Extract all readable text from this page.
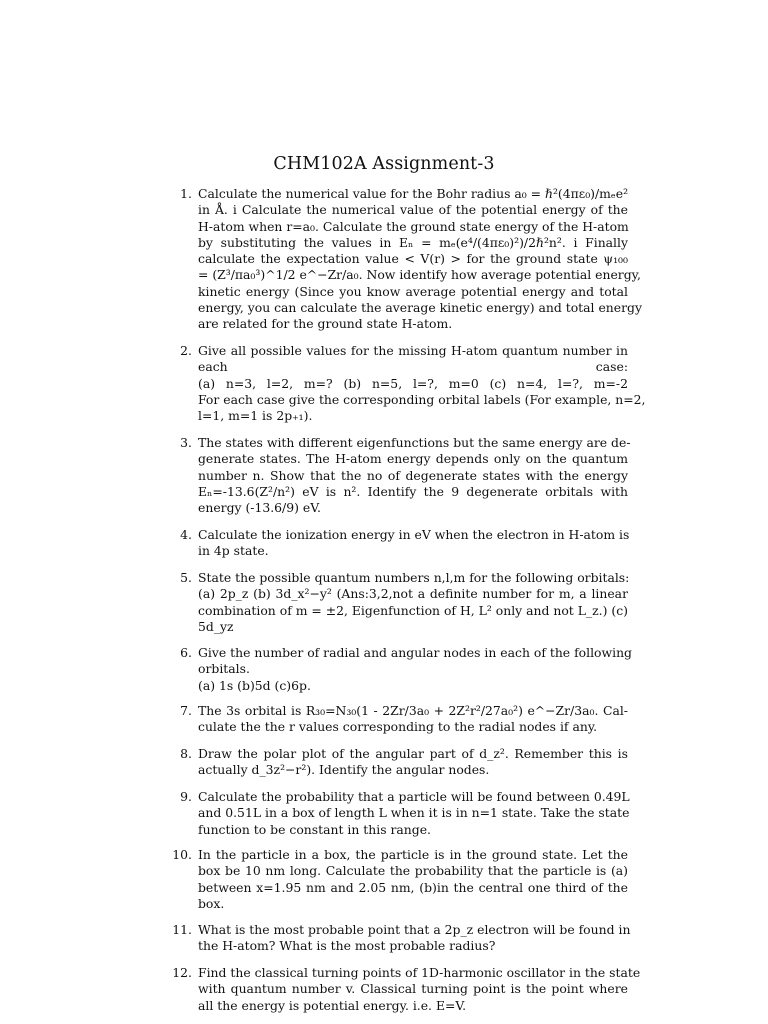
CHM102A Assignment-3
1. Calculate the numerical value for the Bohr radius a₀ = ℏ²(4πε₀)/mₑe²
in Å. i Calculate the numerical value of the potential energy of the
H-atom when r=a₀. Calculate the ground state energy of the H-atom
by substituting the values in Eₙ = mₑ(e⁴/(4πε₀)²)/2ℏ²n². i Finally
calculate the expectation value < V(r) > for the ground state ψ₁₀₀
= (Z³/πa₀³)^1/2 e^−Zr/a₀. Now identify how average potential energy,
kinetic energy (Since you know average potential energy and total
energy, you can calculate the average kinetic energy) and total energy
are related for the ground state H-atom.
2. Give all possible values for the missing H-atom quantum number in
each case:
(a) n=3, l=2, m=? (b) n=5, l=?, m=0 (c) n=4, l=?, m=-2
For each case give the corresponding orbital labels (For example, n=2,
l=1, m=1 is 2p₊₁).
3. The states with different eigenfunctions but the same energy are de-
generate states. The H-atom energy depends only on the quantum
number n. Show that the no of degenerate states with the energy
Eₙ=-13.6(Z²/n²) eV is n². Identify the 9 degenerate orbitals with
energy (-13.6/9) eV.
4. Calculate the ionization energy in eV when the electron in H-atom is
in 4p state.
5. State the possible quantum numbers n,l,m for the following orbitals:
(a) 2p_z (b) 3d_x²−y² (Ans:3,2,not a definite number for m, a linear
combination of m = ±2, Eigenfunction of H, L² only and not L_z.) (c)
5d_yz
6. Give the number of radial and angular nodes in each of the following
orbitals.
(a) 1s (b)5d (c)6p.
7. The 3s orbital is R₃₀=N₃₀(1 - 2Zr/3a₀ + 2Z²r²/27a₀²) e^−Zr/3a₀. Cal-
culate the the r values corresponding to the radial nodes if any.
8. Draw the polar plot of the angular part of d_z². Remember this is
actually d_3z²−r²). Identify the angular nodes.
9. Calculate the probability that a particle will be found between 0.49L
and 0.51L in a box of length L when it is in n=1 state. Take the state
function to be constant in this range.
10. In the particle in a box, the particle is in the ground state. Let the
box be 10 nm long. Calculate the probability that the particle is (a)
between x=1.95 nm and 2.05 nm, (b)in the central one third of the
box.
11. What is the most probable point that a 2p_z electron will be found in
the H-atom? What is the most probable radius?
12. Find the classical turning points of 1D-harmonic oscillator in the state
with quantum number v. Classical turning point is the point where
all the energy is potential energy. i.e. E=V.
